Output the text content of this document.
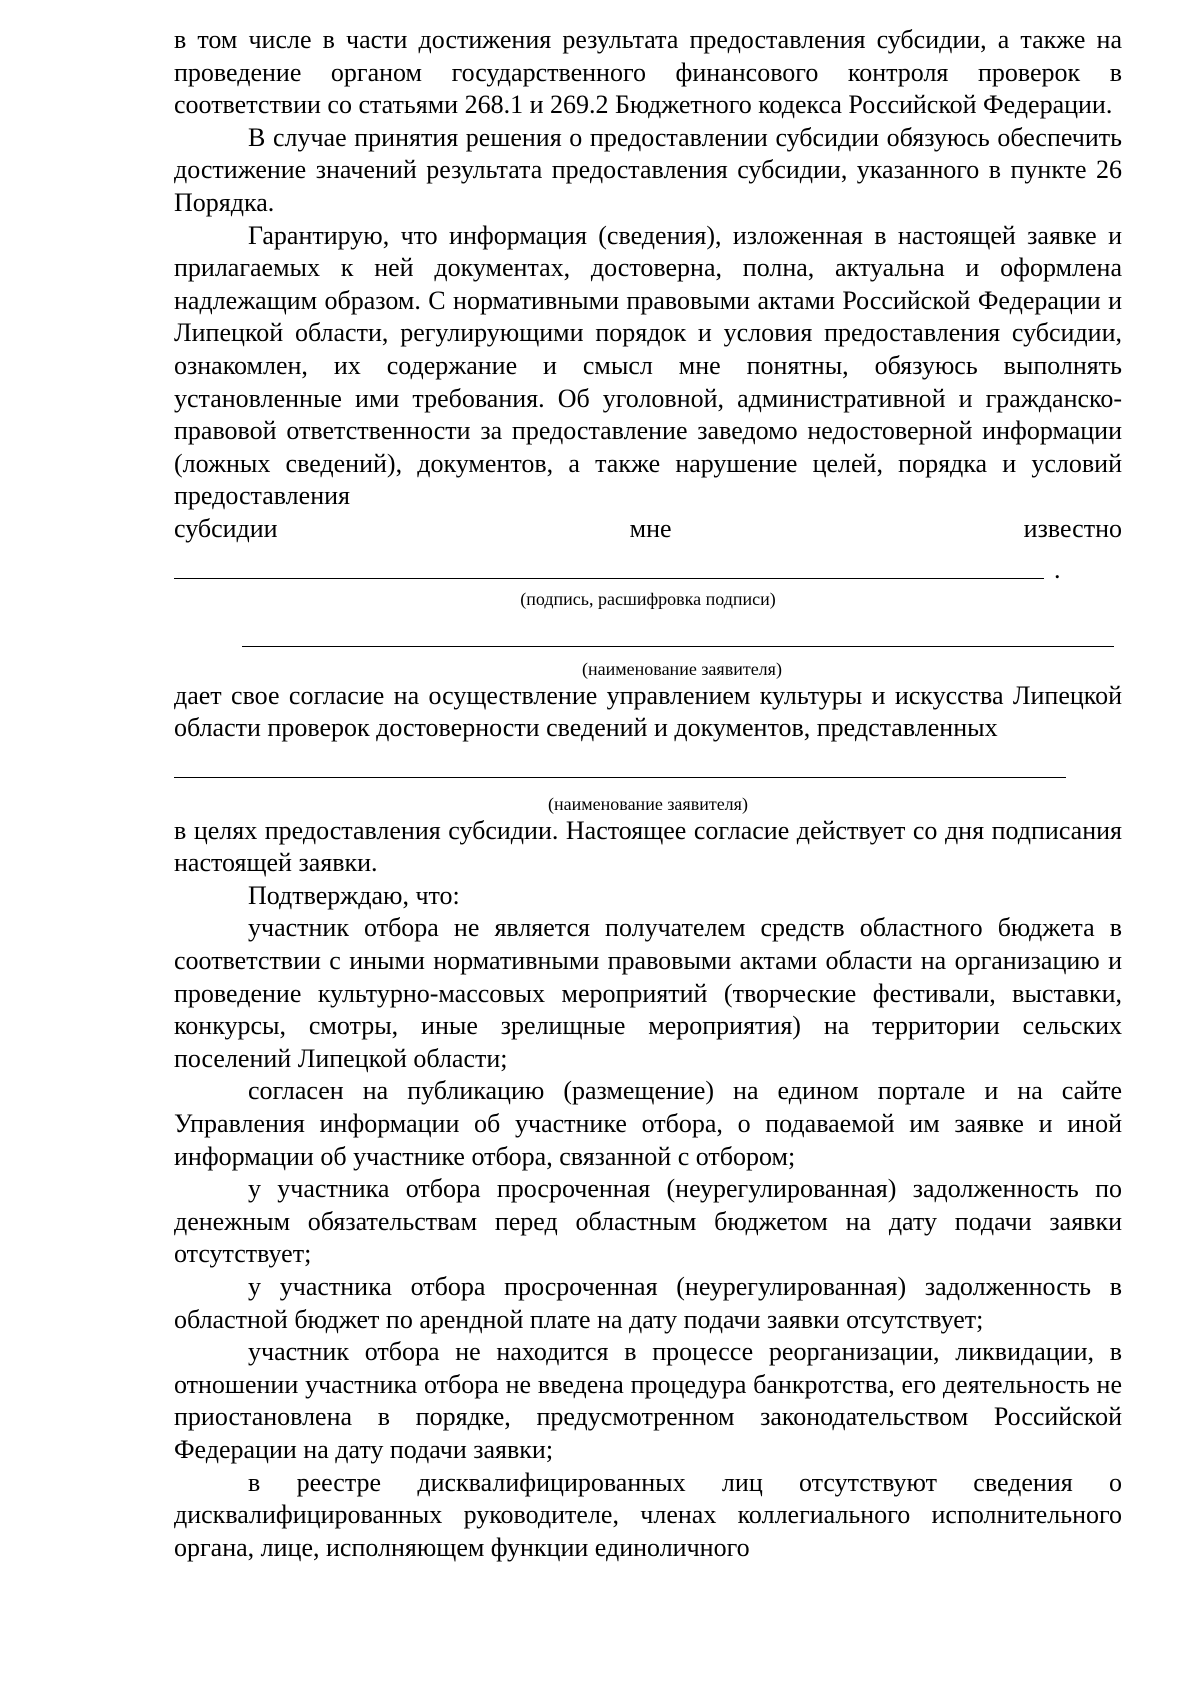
в том числе в части достижения результата предоставления субсидии, а также на проведение органом государственного финансового контроля проверок в соответствии со статьями 268.1 и 269.2 Бюджетного кодекса Российской Федерации.

В случае принятия решения о предоставлении субсидии обязуюсь обеспечить достижение значений результата предоставления субсидии, указанного в пункте 26 Порядка.

Гарантирую, что информация (сведения), изложенная в настоящей заявке и прилагаемых к ней документах, достоверна, полна, актуальна и оформлена надлежащим образом. С нормативными правовыми актами Российской Федерации и Липецкой области, регулирующими порядок и условия предоставления субсидии, ознакомлен, их содержание и смысл мне понятны, обязуюсь выполнять установленные ими требования. Об уголовной, административной и гражданско-правовой ответственности за предоставление заведомо недостоверной информации (ложных сведений), документов, а также нарушение целей, порядка и условий предоставления

субсидии мне известно

.

(подпись, расшифровка подписи)

(наименование заявителя)

дает свое согласие на осуществление управлением культуры и искусства Липецкой области проверок достоверности сведений и документов, представленных

(наименование заявителя)

в целях предоставления субсидии. Настоящее согласие действует со дня подписания настоящей заявки.

Подтверждаю, что:

участник отбора не является получателем средств областного бюджета в соответствии с иными нормативными правовыми актами области на организацию и проведение культурно-массовых мероприятий (творческие фестивали, выставки, конкурсы, смотры, иные зрелищные мероприятия) на территории сельских поселений Липецкой области;

согласен на публикацию (размещение) на едином портале и на сайте Управления информации об участнике отбора, о подаваемой им заявке и иной информации об участнике отбора, связанной с отбором;

у участника отбора просроченная (неурегулированная) задолженность по денежным обязательствам перед областным бюджетом на дату подачи заявки отсутствует;

у участника отбора просроченная (неурегулированная) задолженность в областной бюджет по арендной плате на дату подачи заявки отсутствует;

участник отбора не находится в процессе реорганизации, ликвидации, в отношении участника отбора не введена процедура банкротства, его деятельность не приостановлена в порядке, предусмотренном законодательством Российской Федерации на дату подачи заявки;

в реестре дисквалифицированных лиц отсутствуют сведения о дисквалифицированных руководителе, членах коллегиального исполнительного органа, лице, исполняющем функции единоличного
